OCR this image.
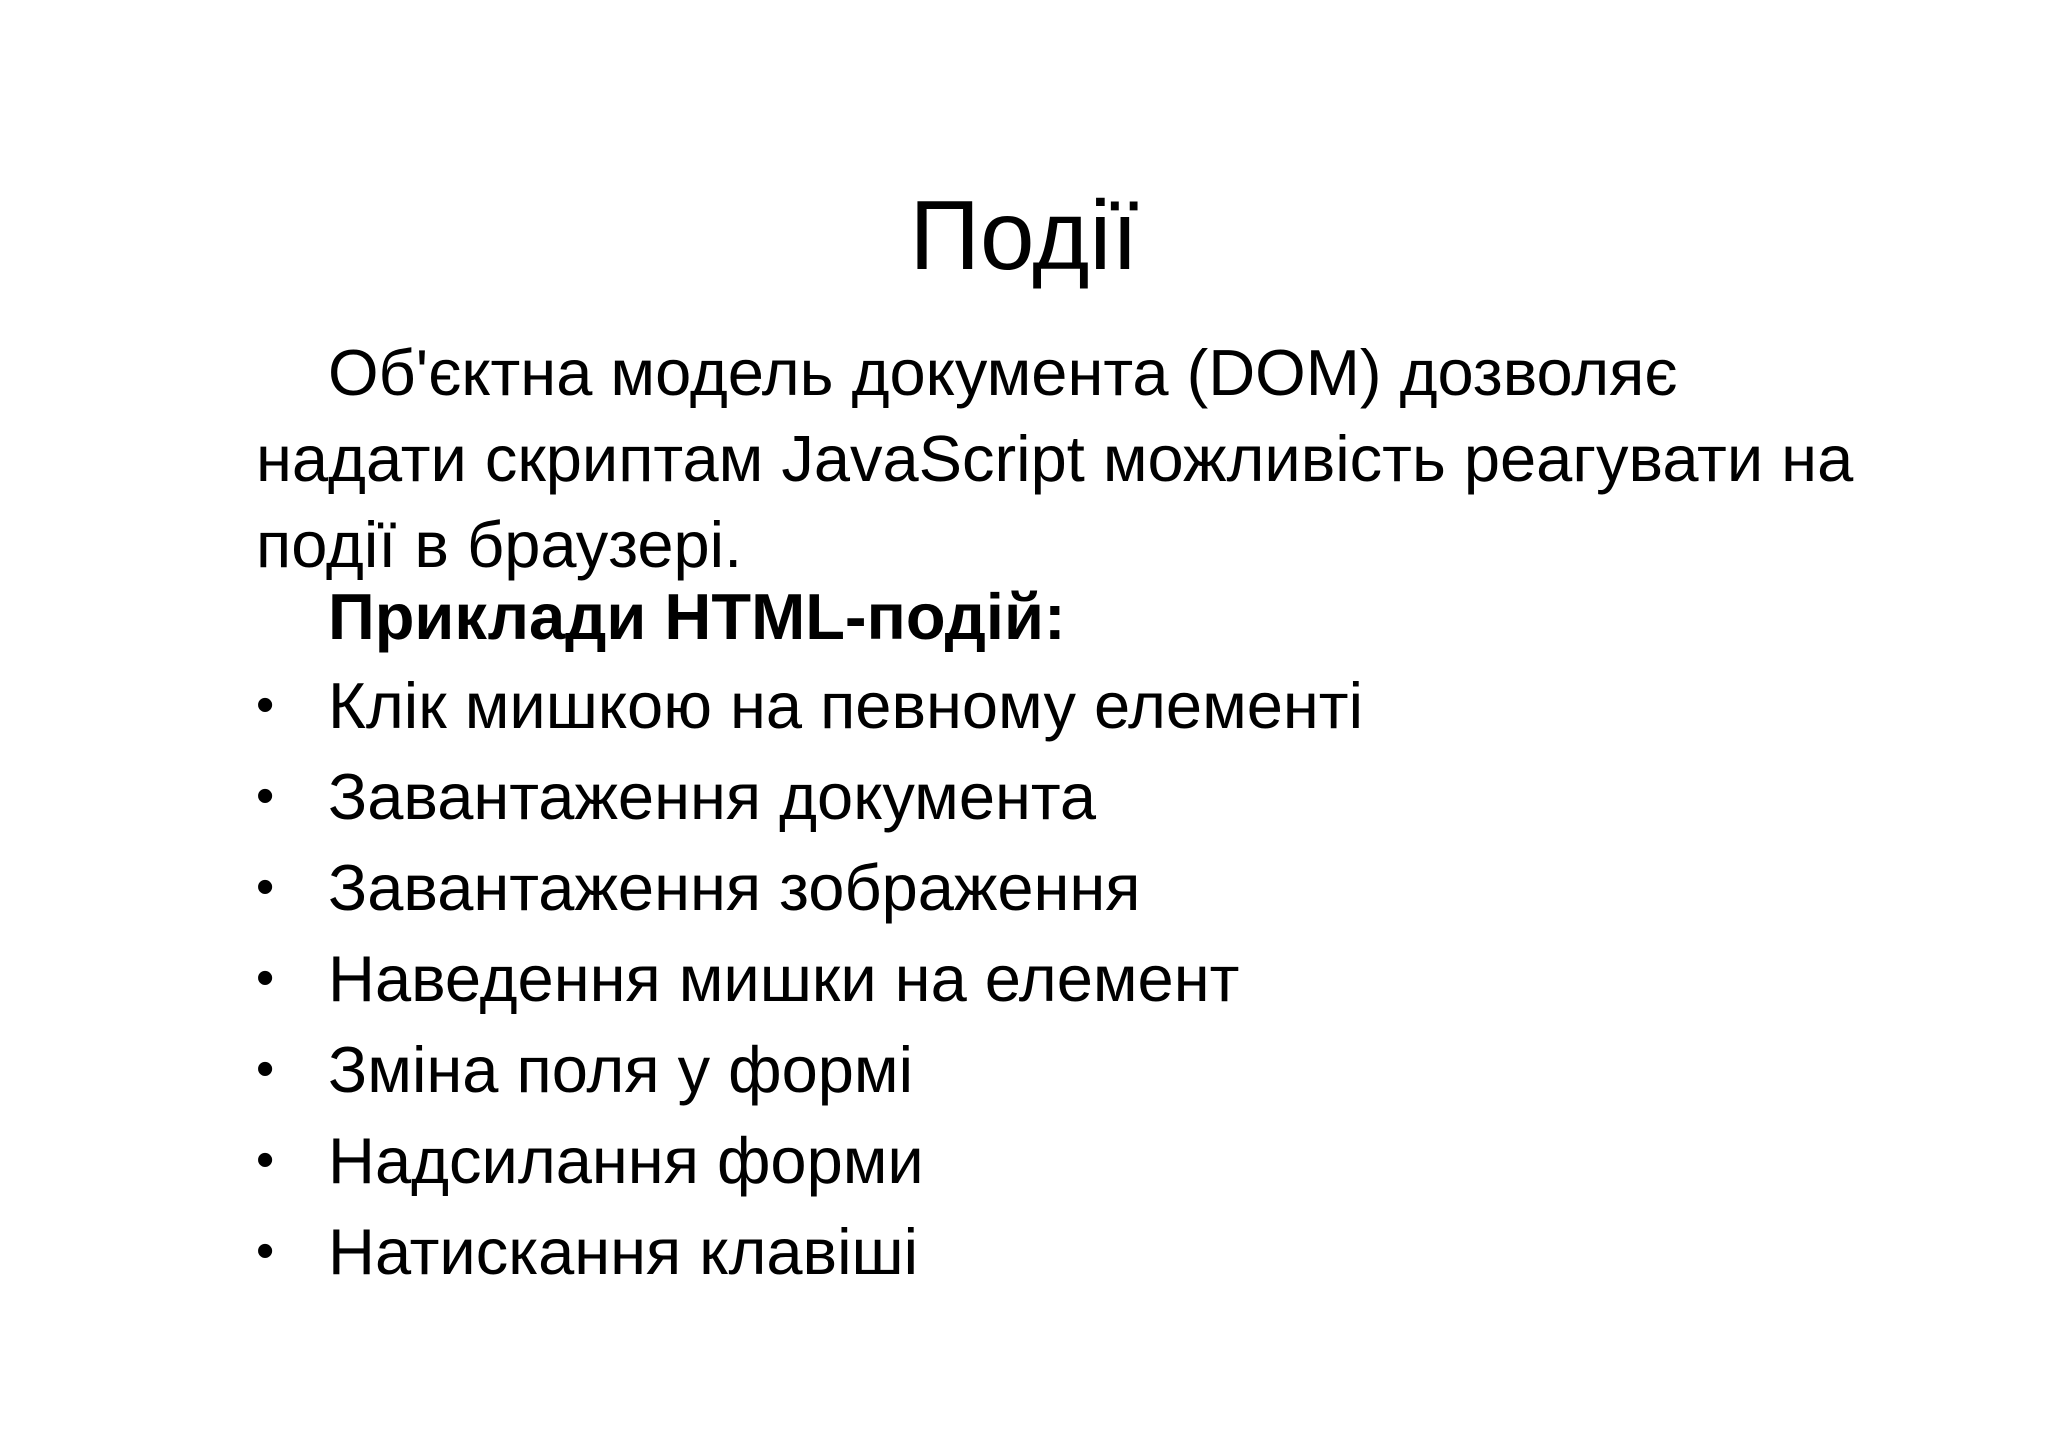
Події

Об'єктна модель документа (DOM) дозволяє надати скриптам JavaScript можливість реагувати на події в браузері.

Приклади HTML-подій:

• Клік мишкою на певному елементі
• Завантаження документа
• Завантаження зображення
• Наведення мишки на елемент
• Зміна поля у формі
• Надсилання форми
• Натискання клавіші
